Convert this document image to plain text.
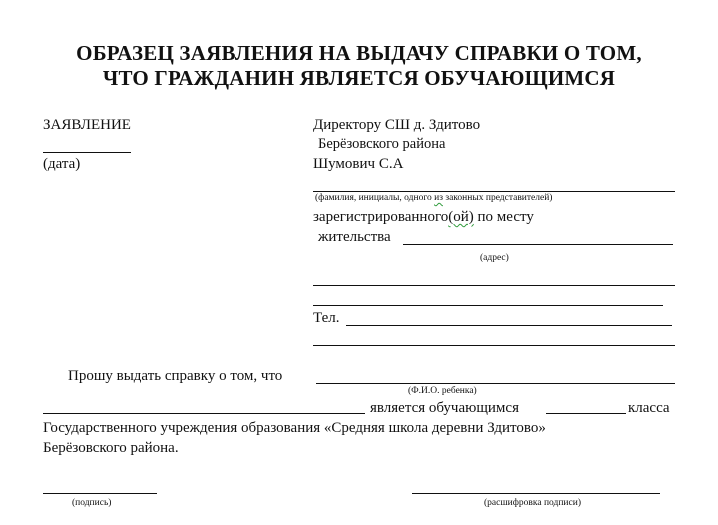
ОБРАЗЕЦ ЗАЯВЛЕНИЯ НА ВЫДАЧУ СПРАВКИ О ТОМ,
ЧТО ГРАЖДАНИН ЯВЛЯЕТСЯ ОБУЧАЮЩИМСЯ
ЗАЯВЛЕНИЕ
(дата)
Директору СШ д. Здитово
Берёзовского района
Шумович С.А
(фамилия, инициалы, одного из законных представителей)
зарегистрированного(ой) по месту
жительства
(адрес)
Тел.
Прошу выдать справку о том, что
(Ф.И.О. ребенка)
является обучающимся	класса
Государственного учреждения образования «Средняя школа деревни Здитово»
Берёзовского района.
(подпись)	(расшифровка подписи)
